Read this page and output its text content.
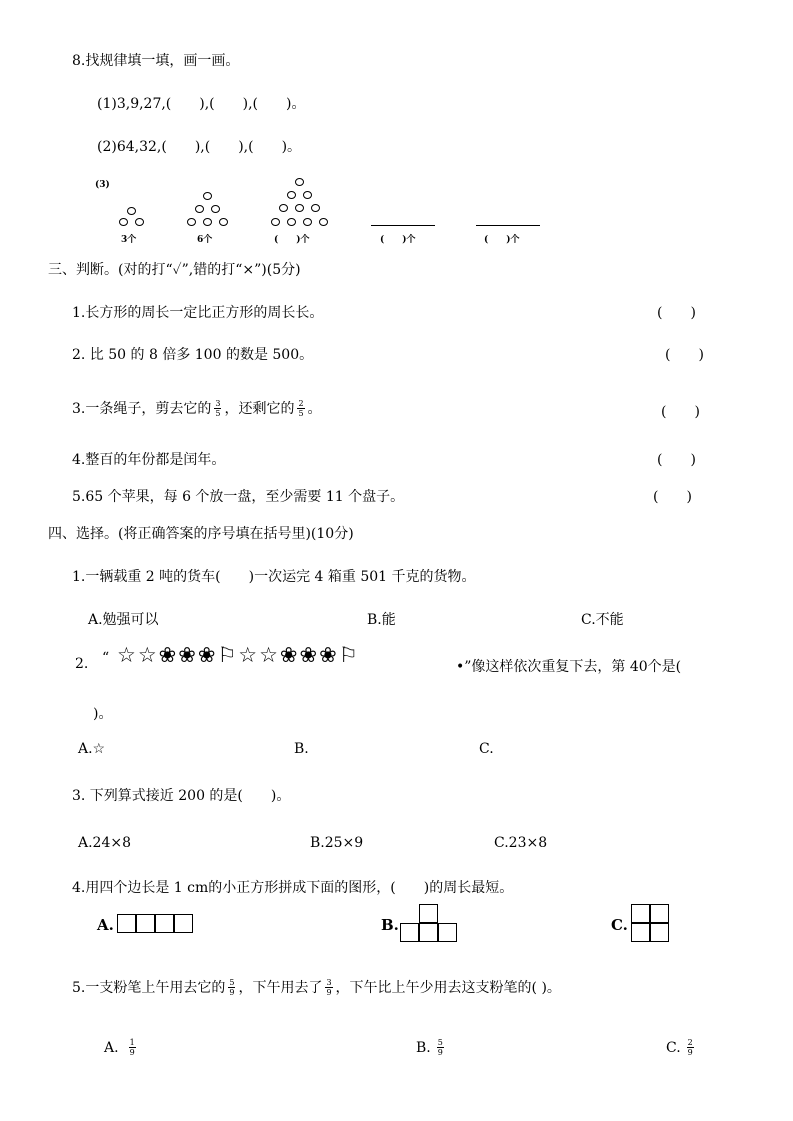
8.找规律填一填，画一画。
(1)3,9,27,(　　),(　　),(　　)。
(2)64,32,(　　),(　　),(　　)。
(3)
3个	6个	(　　)个	(　　)个	(　　)个
三、判断。(对的打“✓”,错的打“×”)(5分)
1.长方形的周长一定比正方形的周长长。	(　　)
2. 比 50 的 8 倍多 100 的数是 500。	(　　)
3.一条绳子，剪去它的 $\frac{3}{5}$ ，还剩它的 $\frac{2}{5}$ 。	(　　)
4.整百的年份都是闰年。	(　　)
5.65 个苹果，每 6 个放一盘，至少需要 11 个盘子。	(　　)
四、选择。(将正确答案的序号填在括号里)(10分)
1.一辆载重 2 吨的货车(　　)一次运完 4 箱重 501 千克的货物。
A.勉强可以	B.能	C.不能
2. “ ☆☆❀❀❀⚐☆☆❀❀❀⚐	•”像这样依次重复下去，第 40个是(
)。
A.☆	B.	C.
3. 下列算式接近 200 的是(　　)。
A.24×8	B.25×9	C.23×8
4.用四个边长是 1 cm的小正方形拼成下面的图形，(　　)的周长最短。
A.	B.	C.
5.一支粉笔上午用去它的 $\frac{5}{9}$ ，下午用去了 $\frac{3}{9}$ ，下午比上午少用去这支粉笔的( )。
A. $\frac{1}{9}$	B. $\frac{5}{9}$	C. $\frac{2}{9}$
